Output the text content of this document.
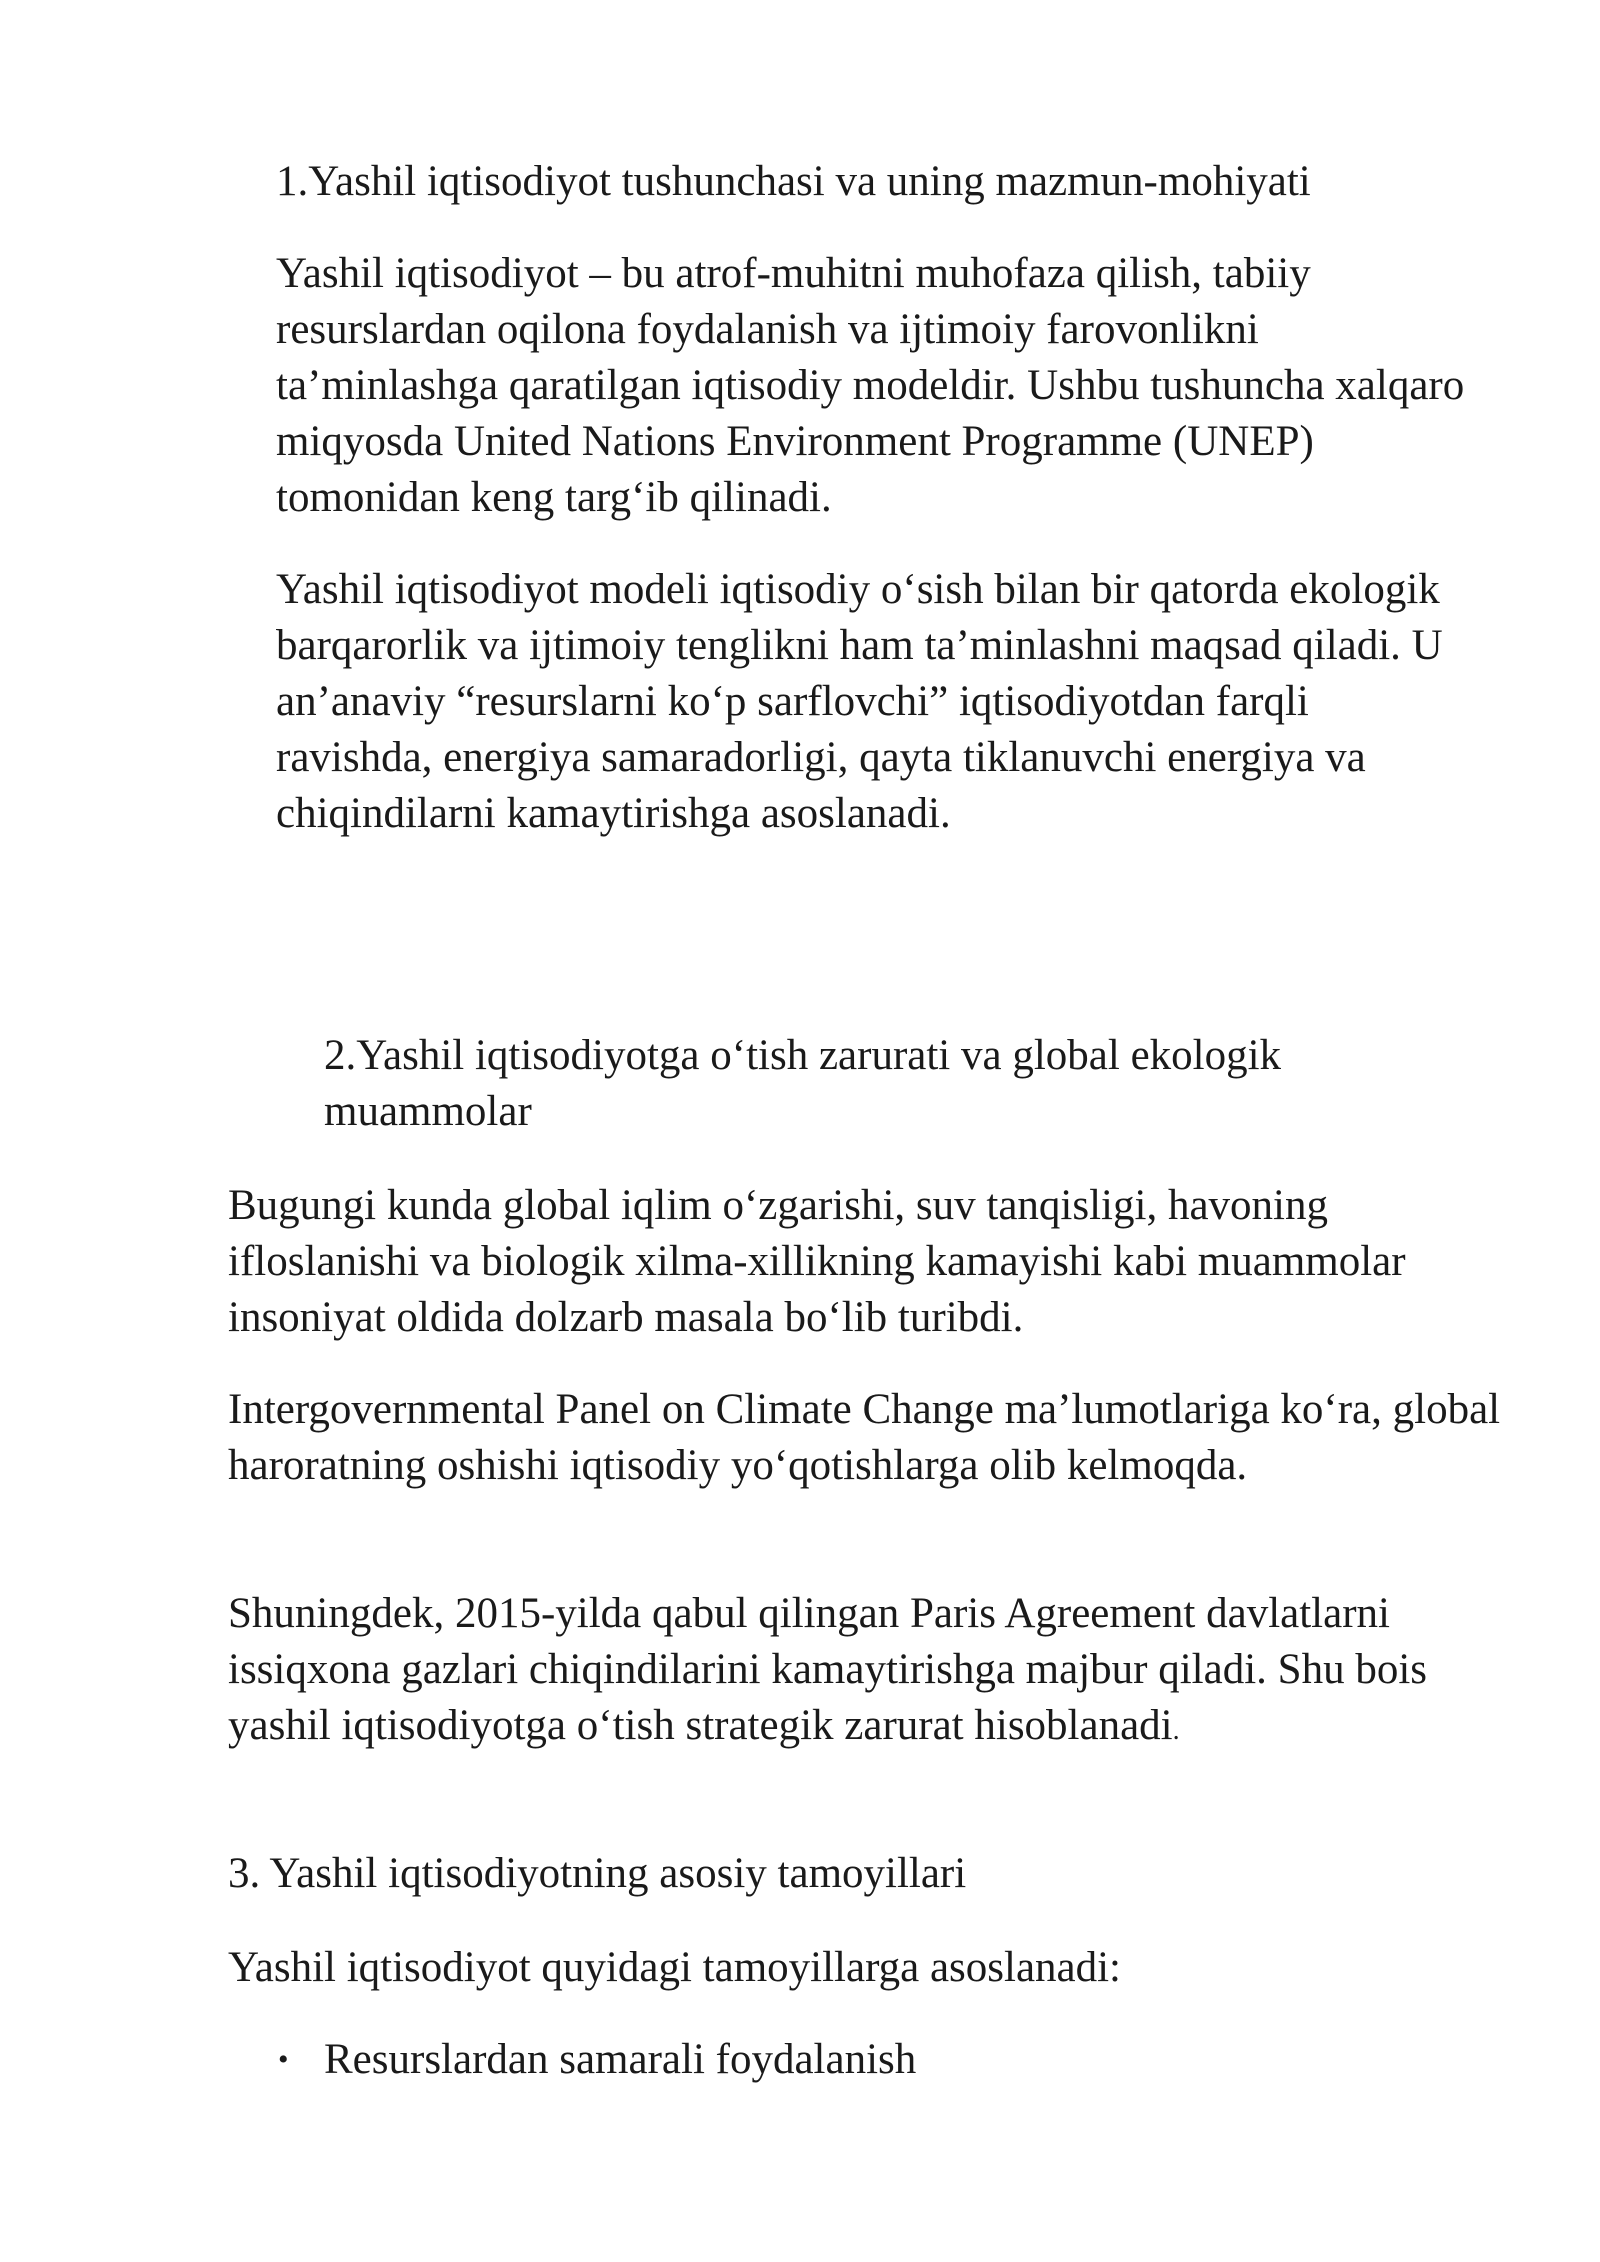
1.Yashil iqtisodiyot tushunchasi va uning mazmun-mohiyati

Yashil iqtisodiyot – bu atrof-muhitni muhofaza qilish, tabiiy resurslardan oqilona foydalanish va ijtimoiy farovonlikni ta’minlashga qaratilgan iqtisodiy modeldir. Ushbu tushuncha xalqaro miqyosda United Nations Environment Programme (UNEP) tomonidan keng targ‘ib qilinadi.

Yashil iqtisodiyot modeli iqtisodiy o‘sish bilan bir qatorda ekologik barqarorlik va ijtimoiy tenglikni ham ta’minlashni maqsad qiladi. U an’anaviy “resurslarni ko‘p sarflovchi” iqtisodiyotdan farqli ravishda, energiya samaradorligi, qayta tiklanuvchi energiya va chiqindilarni kamaytirishga asoslanadi.

2.Yashil iqtisodiyotga o‘tish zarurati va global ekologik muammolar

Bugungi kunda global iqlim o‘zgarishi, suv tanqisligi, havoning ifloslanishi va biologik xilma-xillikning kamayishi kabi muammolar insoniyat oldida dolzarb masala bo‘lib turibdi.

Intergovernmental Panel on Climate Change ma’lumotlariga ko‘ra, global haroratning oshishi iqtisodiy yo‘qotishlarga olib kelmoqda.

Shuningdek, 2015-yilda qabul qilingan Paris Agreement davlatlarni issiqxona gazlari chiqindilarini kamaytirishga majbur qiladi. Shu bois yashil iqtisodiyotga o‘tish strategik zarurat hisoblanadi.

3. Yashil iqtisodiyotning asosiy tamoyillari

Yashil iqtisodiyot quyidagi tamoyillarga asoslanadi:

• Resurslardan samarali foydalanish
